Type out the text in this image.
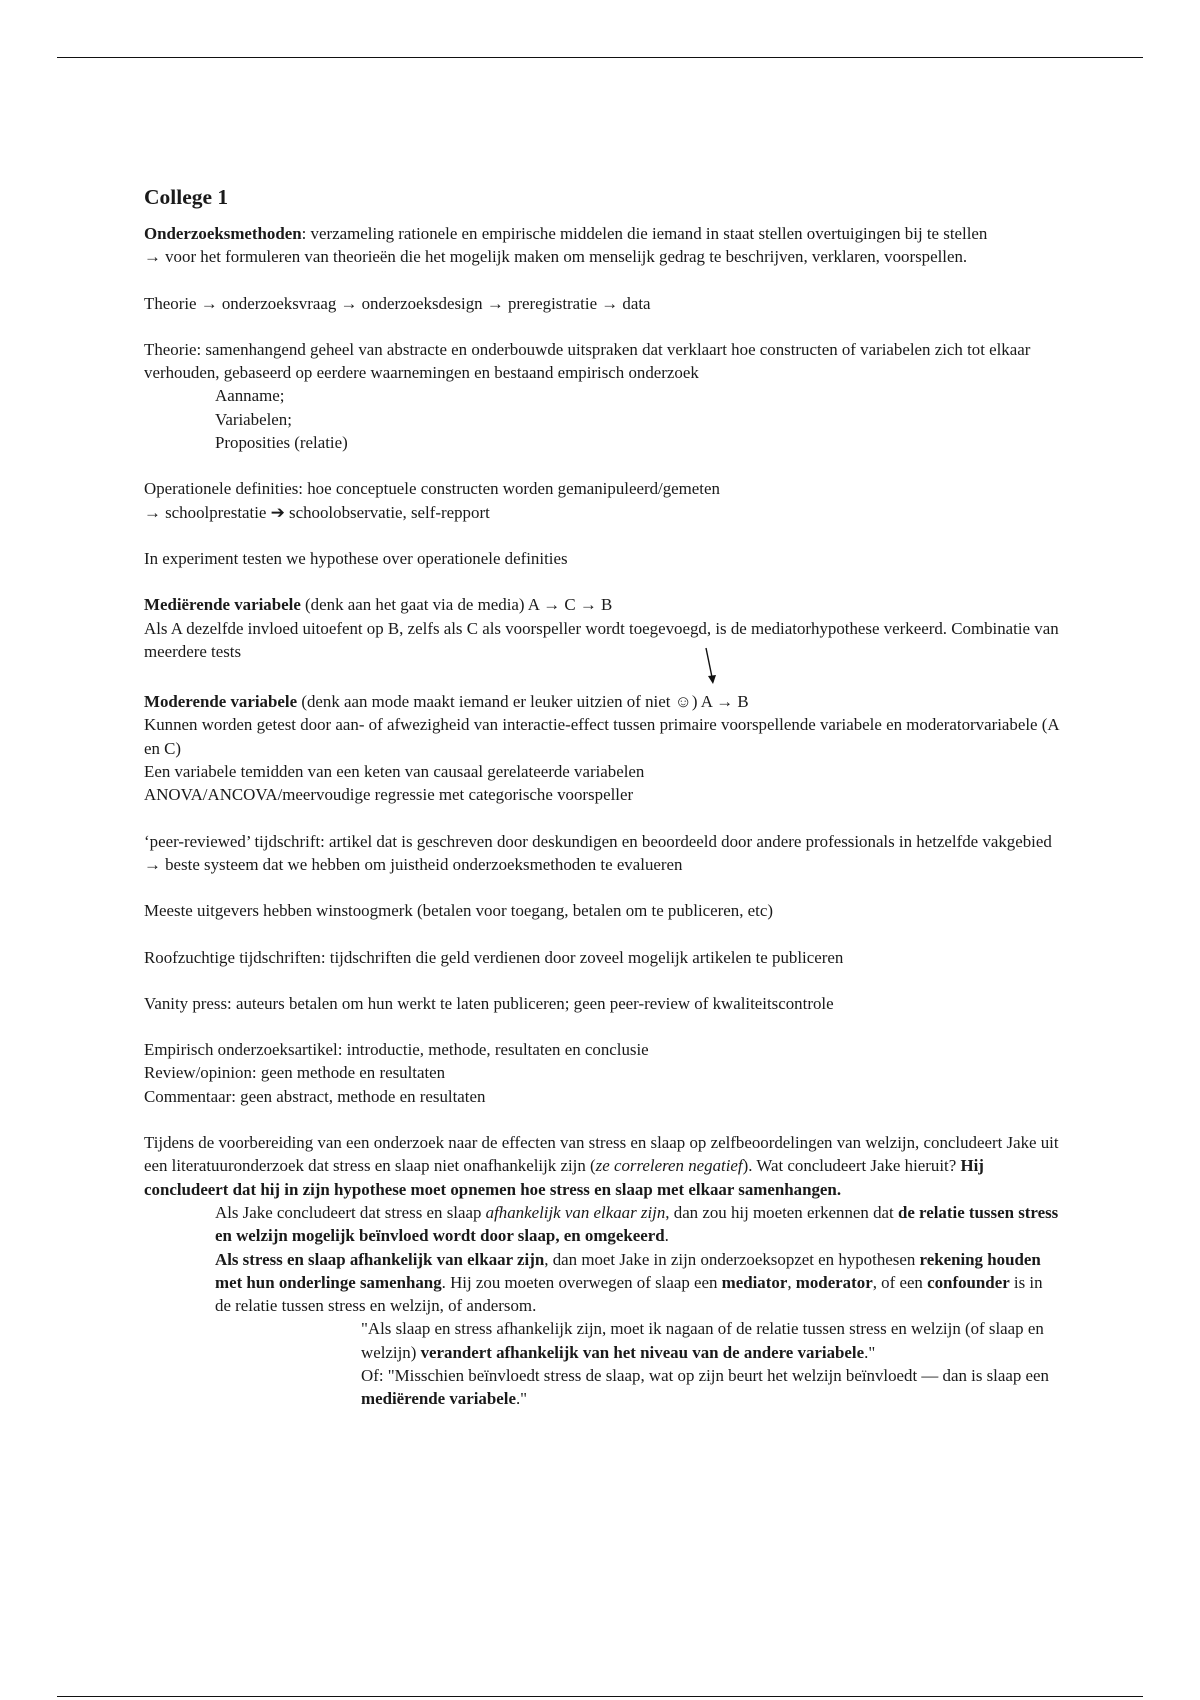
College 1

Onderzoeksmethoden: verzameling rationele en empirische middelen die iemand in staat stellen overtuigingen bij te stellen

→ voor het formuleren van theorieën die het mogelijk maken om menselijk gedrag te beschrijven, verklaren, voorspellen.

Theorie → onderzoeksvraag → onderzoeksdesign → preregistratie → data

Theorie: samenhangend geheel van abstracte en onderbouwde uitspraken dat verklaart hoe constructen of variabelen zich tot elkaar verhouden, gebaseerd op eerdere waarnemingen en bestaand empirisch onderzoek

Aanname;

Variabelen;

Proposities (relatie)

Operationele definities: hoe conceptuele constructen worden gemanipuleerd/gemeten

→ schoolprestatie ➔ schoolobservatie, self-repport

In experiment testen we hypothese over operationele definities

Mediërende variabele (denk aan het gaat via de media) A → C → B

Als A dezelfde invloed uitoefent op B, zelfs als C als voorspeller wordt toegevoegd, is de mediatorhypothese verkeerd. Combinatie van meerdere tests

Moderende variabele (denk aan mode maakt iemand er leuker uitzien of niet ☺) A
→ B

Kunnen worden getest door aan- of afwezigheid van interactie-effect tussen primaire voorspellende variabele en moderatorvariabele (A en C)

Een variabele temidden van een keten van causaal gerelateerde variabelen

ANOVA/ANCOVA/meervoudige regressie met categorische voorspeller

‘peer-reviewed’ tijdschrift: artikel dat is geschreven door deskundigen en beoordeeld door andere professionals in hetzelfde vakgebied

→ beste systeem dat we hebben om juistheid onderzoeksmethoden te evalueren

Meeste uitgevers hebben winstoogmerk (betalen voor toegang, betalen om te publiceren, etc)

Roofzuchtige tijdschriften: tijdschriften die geld verdienen door zoveel mogelijk artikelen te publiceren

Vanity press: auteurs betalen om hun werkt te laten publiceren; geen peer-review of kwaliteitscontrole

Empirisch onderzoeksartikel: introductie, methode, resultaten en conclusie

Review/opinion: geen methode en resultaten

Commentaar: geen abstract, methode en resultaten

Tijdens de voorbereiding van een onderzoek naar de effecten van stress en slaap op zelfbeoordelingen van welzijn, concludeert Jake uit een literatuuronderzoek dat stress en slaap niet onafhankelijk zijn (ze correleren negatief). Wat concludeert Jake hieruit? Hij concludeert dat hij in zijn hypothese moet opnemen hoe stress en slaap met elkaar samenhangen.

Als Jake concludeert dat stress en slaap afhankelijk van elkaar zijn, dan zou hij moeten erkennen dat de relatie tussen stress en welzijn mogelijk beïnvloed wordt door slaap, en omgekeerd.

Als stress en slaap afhankelijk van elkaar zijn, dan moet Jake in zijn onderzoeksopzet en hypothesen rekening houden met hun onderlinge samenhang. Hij zou moeten overwegen of slaap een mediator, moderator, of een confounder is in de relatie tussen stress en welzijn, of andersom.

"Als slaap en stress afhankelijk zijn, moet ik nagaan of de relatie tussen stress en welzijn (of slaap en welzijn) verandert afhankelijk van het niveau van de andere variabele."

Of: "Misschien beïnvloedt stress de slaap, wat op zijn beurt het welzijn beïnvloedt — dan is slaap een mediërende variabele."
